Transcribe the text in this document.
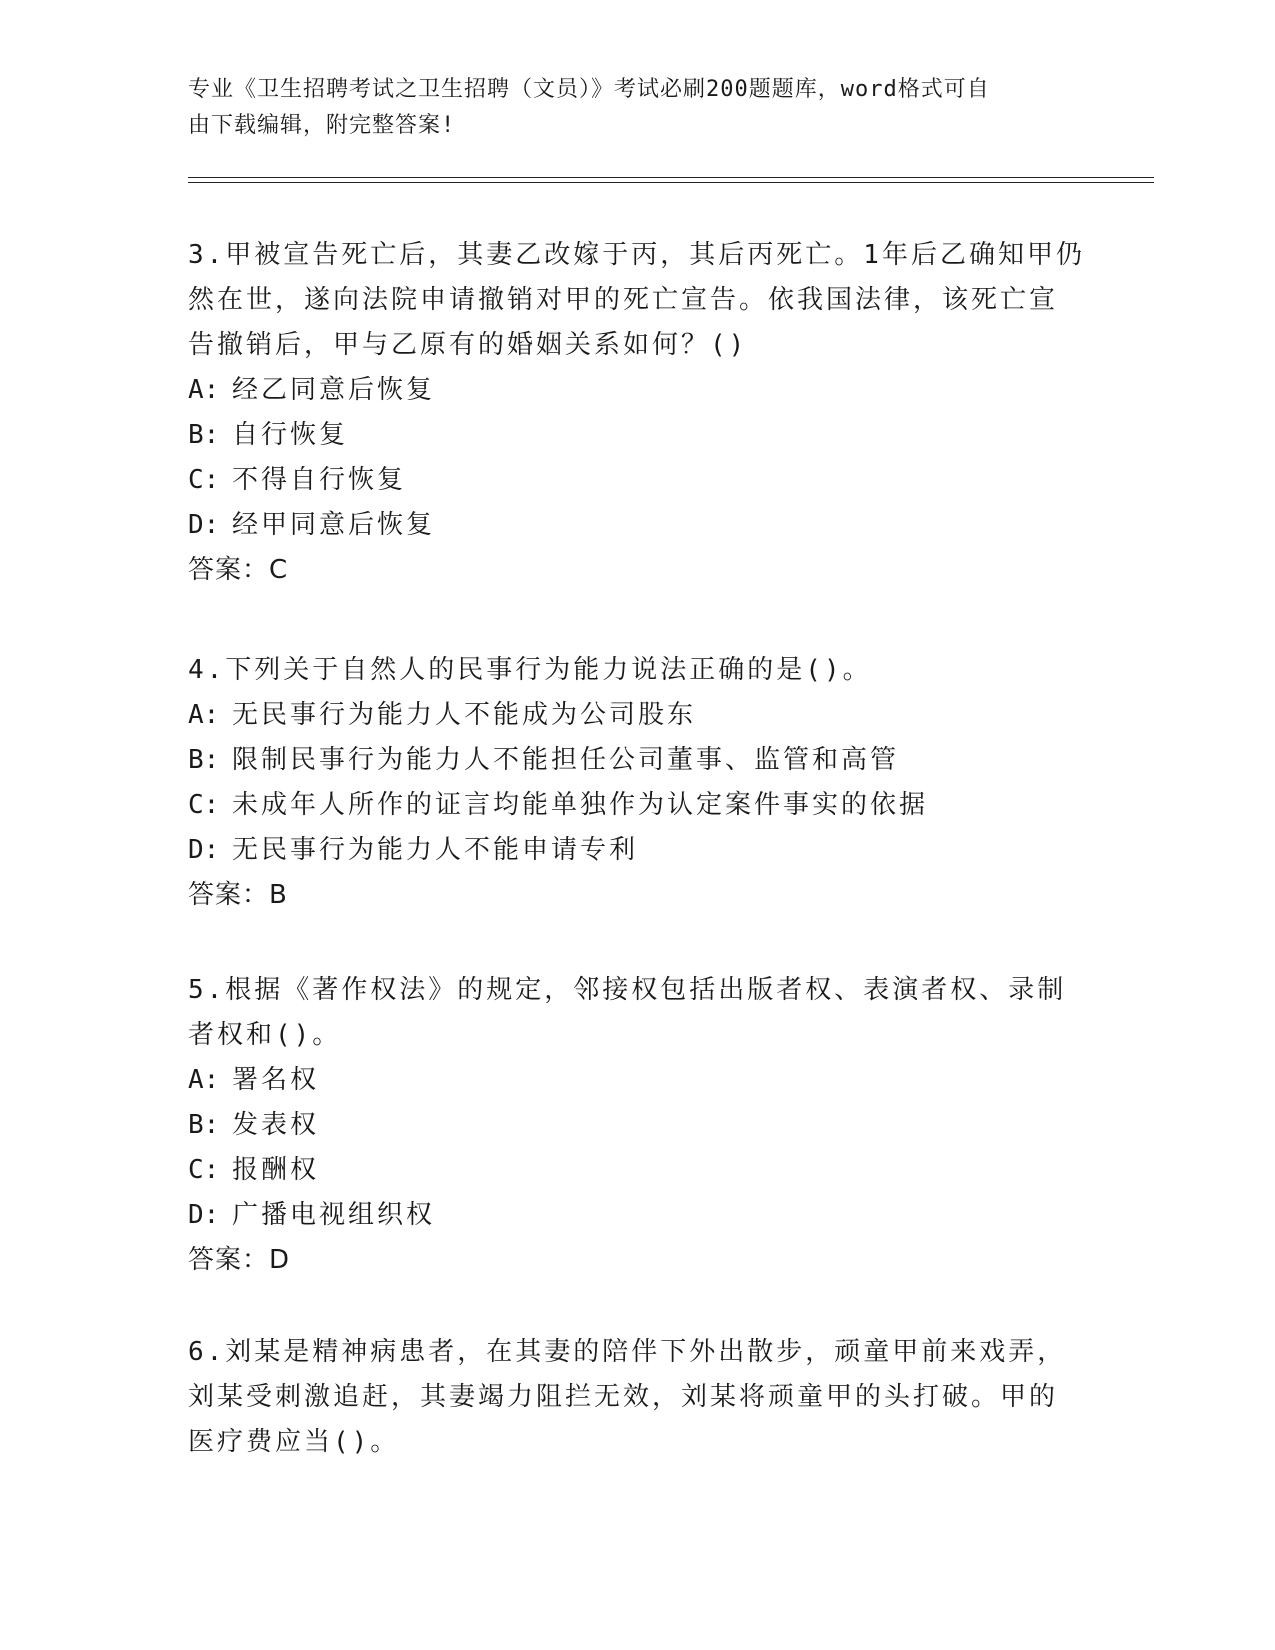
专业《卫生招聘考试之卫生招聘（文员）》考试必刷200题题库，word格式可自
由下载编辑，附完整答案!

3.甲被宣告死亡后，其妻乙改嫁于丙，其后丙死亡。1年后乙确知甲仍

然在世，遂向法院申请撤销对甲的死亡宣告。依我国法律，该死亡宣

告撤销后，甲与乙原有的婚姻关系如何？()

A: 经乙同意后恢复

B: 自行恢复

C: 不得自行恢复

D: 经甲同意后恢复

答案：C

4.下列关于自然人的民事行为能力说法正确的是()。

A: 无民事行为能力人不能成为公司股东

B: 限制民事行为能力人不能担任公司董事、监管和高管

C: 未成年人所作的证言均能单独作为认定案件事实的依据

D: 无民事行为能力人不能申请专利

答案：B

5.根据《著作权法》的规定，邻接权包括出版者权、表演者权、录制

者权和()。

A: 署名权

B: 发表权

C: 报酬权

D: 广播电视组织权

答案：D

6.刘某是精神病患者，在其妻的陪伴下外出散步，顽童甲前来戏弄，

刘某受刺激追赶，其妻竭力阻拦无效，刘某将顽童甲的头打破。甲的

医疗费应当()。
